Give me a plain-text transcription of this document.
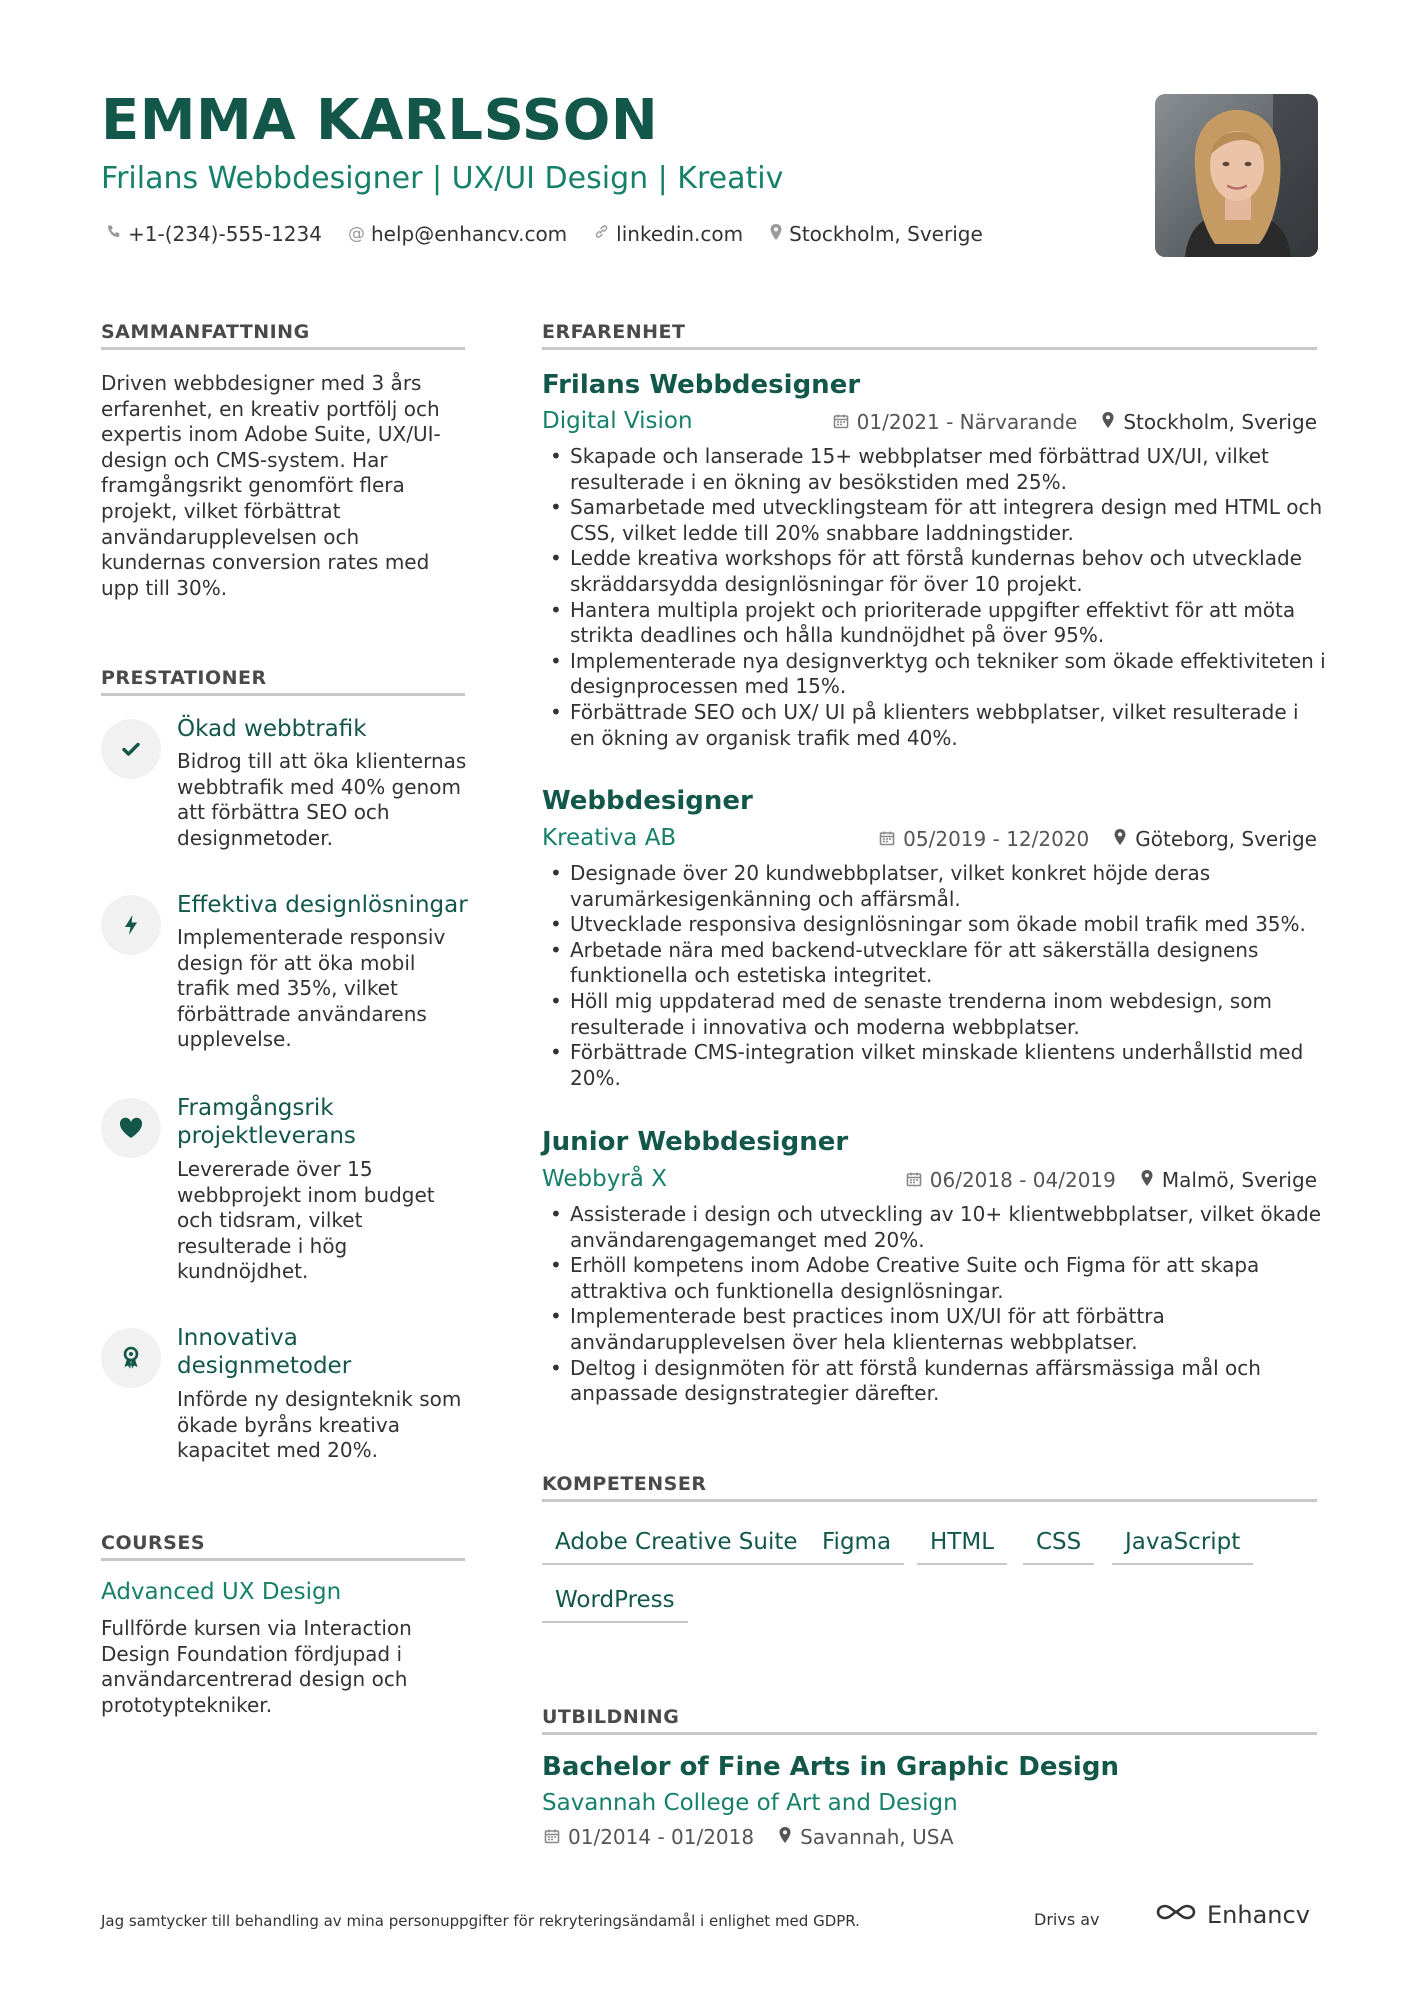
EMMA KARLSSON
Frilans Webbdesigner | UX/UI Design | Kreativ
+1-(234)-555-1234 @ help@enhancv.com linkedin.com Stockholm, Sverige
SAMMANFATTNING

Driven webbdesigner med 3 års
erfarenhet, en kreativ portfölj och
expertis inom Adobe Suite, UX/UI-
design och CMS-system. Har
framgångsrikt genomfört flera
projekt, vilket förbättrat
användarupplevelsen och
kundernas conversion rates med
upp till 30%.

PRESTATIONER
Ökad webbtrafik

Bidrog till att öka klienternas
webbtrafik med 40% genom
att förbättra SEO och
designmetoder.

Effektiva designlösningar

Implementerade responsiv
design för att öka mobil
trafik med 35%, vilket
förbättrade användarens
upplevelse.

Framgångsrik
projektleverans

Levererade över 15
webbprojekt inom budget
och tidsram, vilket
resulterade i hög
kundnöjdhet.

Innovativa
designmetoder

Införde ny designteknik som
ökade byråns kreativa
kapacitet med 20%.

COURSES
Advanced UX Design

Fullförde kursen via Interaction
Design Foundation fördjupad i
användarcentrerad design och
prototyptekniker.

ERFARENHET
Frilans Webbdesigner
Digital Vision	01/2021 - Närvarande Stockholm, Sverige
• Skapade och lanserade 15+ webbplatser med förbättrad UX/UI, vilket
resulterade i en ökning av besökstiden med 25%.
• Samarbetade med utvecklingsteam för att integrera design med HTML och
CSS, vilket ledde till 20% snabbare laddningstider.
• Ledde kreativa workshops för att förstå kundernas behov och utvecklade
skräddarsydda designlösningar för över 10 projekt.
• Hantera multipla projekt och prioriterade uppgifter effektivt för att möta
strikta deadlines och hålla kundnöjdhet på över 95%.
• Implementerade nya designverktyg och tekniker som ökade effektiviteten i
designprocessen med 15%.
• Förbättrade SEO och UX/ UI på klienters webbplatser, vilket resulterade i
en ökning av organisk trafik med 40%.
Webbdesigner
Kreativa AB	05/2019 - 12/2020 Göteborg, Sverige
• Designade över 20 kundwebbplatser, vilket konkret höjde deras
varumärkesigenkänning och affärsmål.
• Utvecklade responsiva designlösningar som ökade mobil trafik med 35%.
• Arbetade nära med backend-utvecklare för att säkerställa designens
funktionella och estetiska integritet.
• Höll mig uppdaterad med de senaste trenderna inom webdesign, som
resulterade i innovativa och moderna webbplatser.
• Förbättrade CMS-integration vilket minskade klientens underhållstid med
20%.
Junior Webbdesigner
Webbyrå X	06/2018 - 04/2019 Malmö, Sverige
• Assisterade i design och utveckling av 10+ klientwebbplatser, vilket ökade
användarengagemanget med 20%.
• Erhöll kompetens inom Adobe Creative Suite och Figma för att skapa
attraktiva och funktionella designlösningar.
• Implementerade best practices inom UX/UI för att förbättra
användarupplevelsen över hela klienternas webbplatser.
• Deltog i designmöten för att förstå kundernas affärsmässiga mål och
anpassade designstrategier därefter.
KOMPETENSER
Adobe Creative Suite	Figma	HTML	CSS	JavaScript
WordPress
UTBILDNING
Bachelor of Fine Arts in Graphic Design
Savannah College of Art and Design
01/2014 - 01/2018 Savannah, USA
Jag samtycker till behandling av mina personuppgifter för rekryteringsändamål i enlighet med GDPR.	Drivs av	Enhancv
